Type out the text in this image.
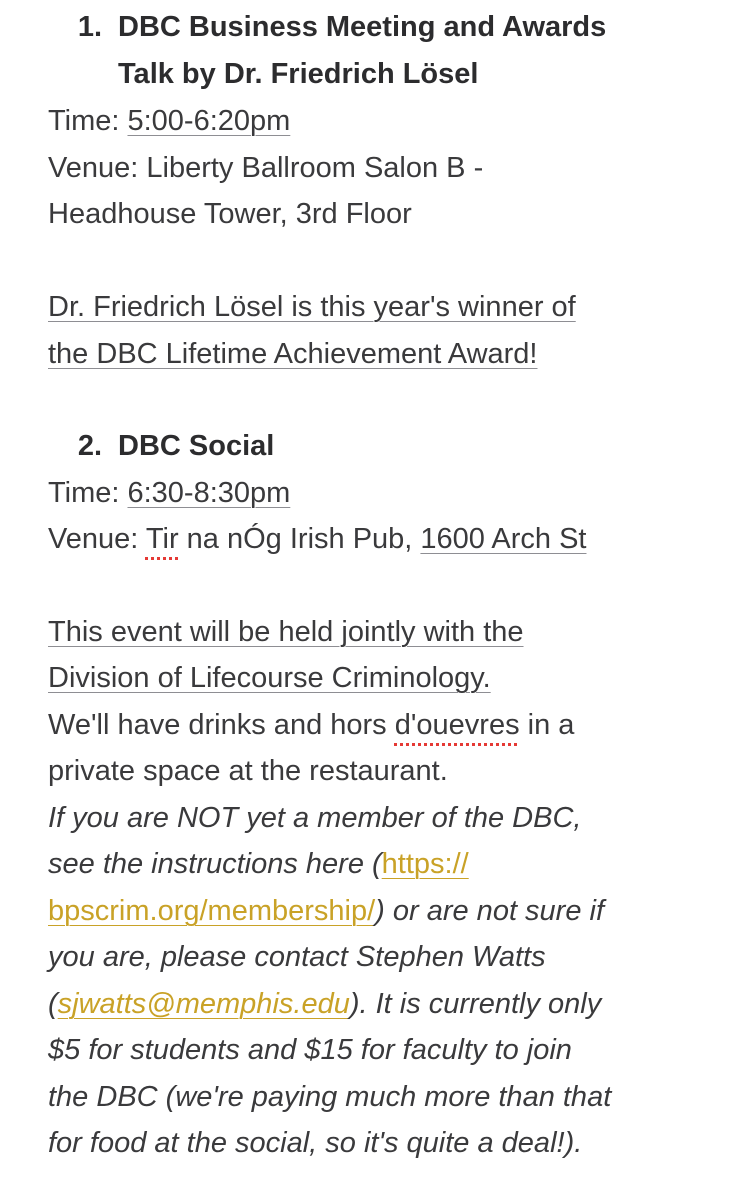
1. DBC Business Meeting and Awards
Talk by Dr. Friedrich Lösel
Time: 5:00-6:20pm
Venue: Liberty Ballroom Salon B -
Headhouse Tower, 3rd Floor
Dr. Friedrich Lösel is this year's winner of
the DBC Lifetime Achievement Award!
2. DBC Social
Time: 6:30-8:30pm
Venue: Tir na nÓg Irish Pub, 1600 Arch St
This event will be held jointly with the
Division of Lifecourse Criminology.
We'll have drinks and hors d'ouevres in a
private space at the restaurant.
If you are NOT yet a member of the DBC,
see the instructions here (https://
bpscrim.org/membership/) or are not sure if
you are, please contact Stephen Watts
(sjwatts@memphis.edu). It is currently only
$5 for students and $15 for faculty to join
the DBC (we're paying much more than that
for food at the social, so it's quite a deal!).
